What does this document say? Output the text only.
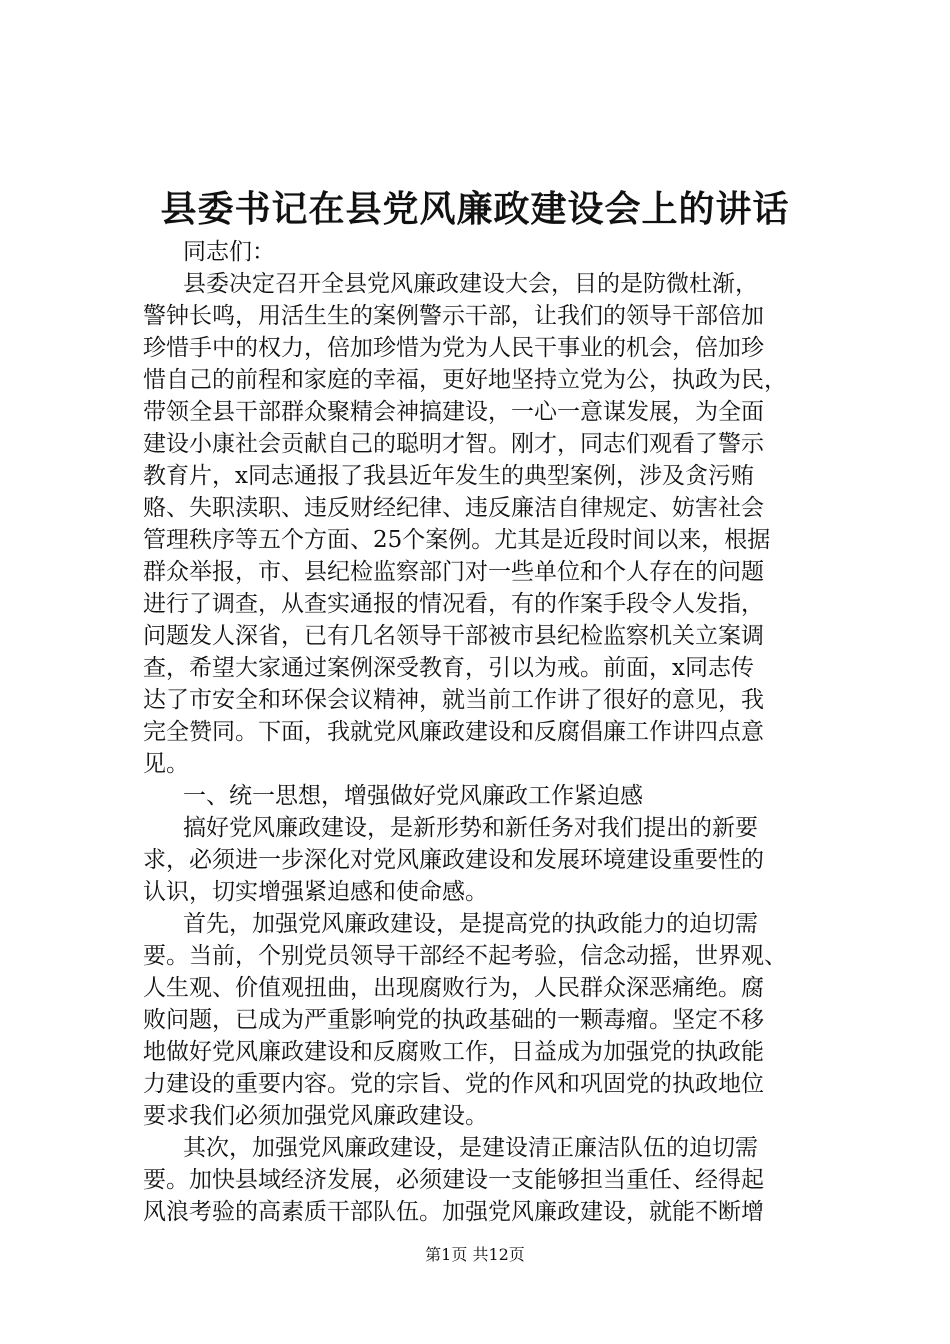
县委书记在县党风廉政建设会上的讲话
同志们：
县委决定召开全县党风廉政建设大会，目的是防微杜渐，
警钟长鸣，用活生生的案例警示干部，让我们的领导干部倍加
珍惜手中的权力，倍加珍惜为党为人民干事业的机会，倍加珍
惜自己的前程和家庭的幸福，更好地坚持立党为公，执政为民，
带领全县干部群众聚精会神搞建设，一心一意谋发展，为全面
建设小康社会贡献自己的聪明才智。刚才，同志们观看了警示
教育片，x同志通报了我县近年发生的典型案例，涉及贪污贿
赂、失职渎职、违反财经纪律、违反廉洁自律规定、妨害社会
管理秩序等五个方面、25个案例。尤其是近段时间以来，根据
群众举报，市、县纪检监察部门对一些单位和个人存在的问题
进行了调查，从查实通报的情况看，有的作案手段令人发指，
问题发人深省，已有几名领导干部被市县纪检监察机关立案调
查，希望大家通过案例深受教育，引以为戒。前面，x同志传
达了市安全和环保会议精神，就当前工作讲了很好的意见，我
完全赞同。下面，我就党风廉政建设和反腐倡廉工作讲四点意
见。
一、统一思想，增强做好党风廉政工作紧迫感
搞好党风廉政建设，是新形势和新任务对我们提出的新要
求，必须进一步深化对党风廉政建设和发展环境建设重要性的
认识，切实增强紧迫感和使命感。
首先，加强党风廉政建设，是提高党的执政能力的迫切需
要。当前，个别党员领导干部经不起考验，信念动摇，世界观、
人生观、价值观扭曲，出现腐败行为，人民群众深恶痛绝。腐
败问题，已成为严重影响党的执政基础的一颗毒瘤。坚定不移
地做好党风廉政建设和反腐败工作，日益成为加强党的执政能
力建设的重要内容。党的宗旨、党的作风和巩固党的执政地位
要求我们必须加强党风廉政建设。
其次，加强党风廉政建设，是建设清正廉洁队伍的迫切需
要。加快县域经济发展，必须建设一支能够担当重任、经得起
风浪考验的高素质干部队伍。加强党风廉政建设，就能不断增
第1页 共12页
